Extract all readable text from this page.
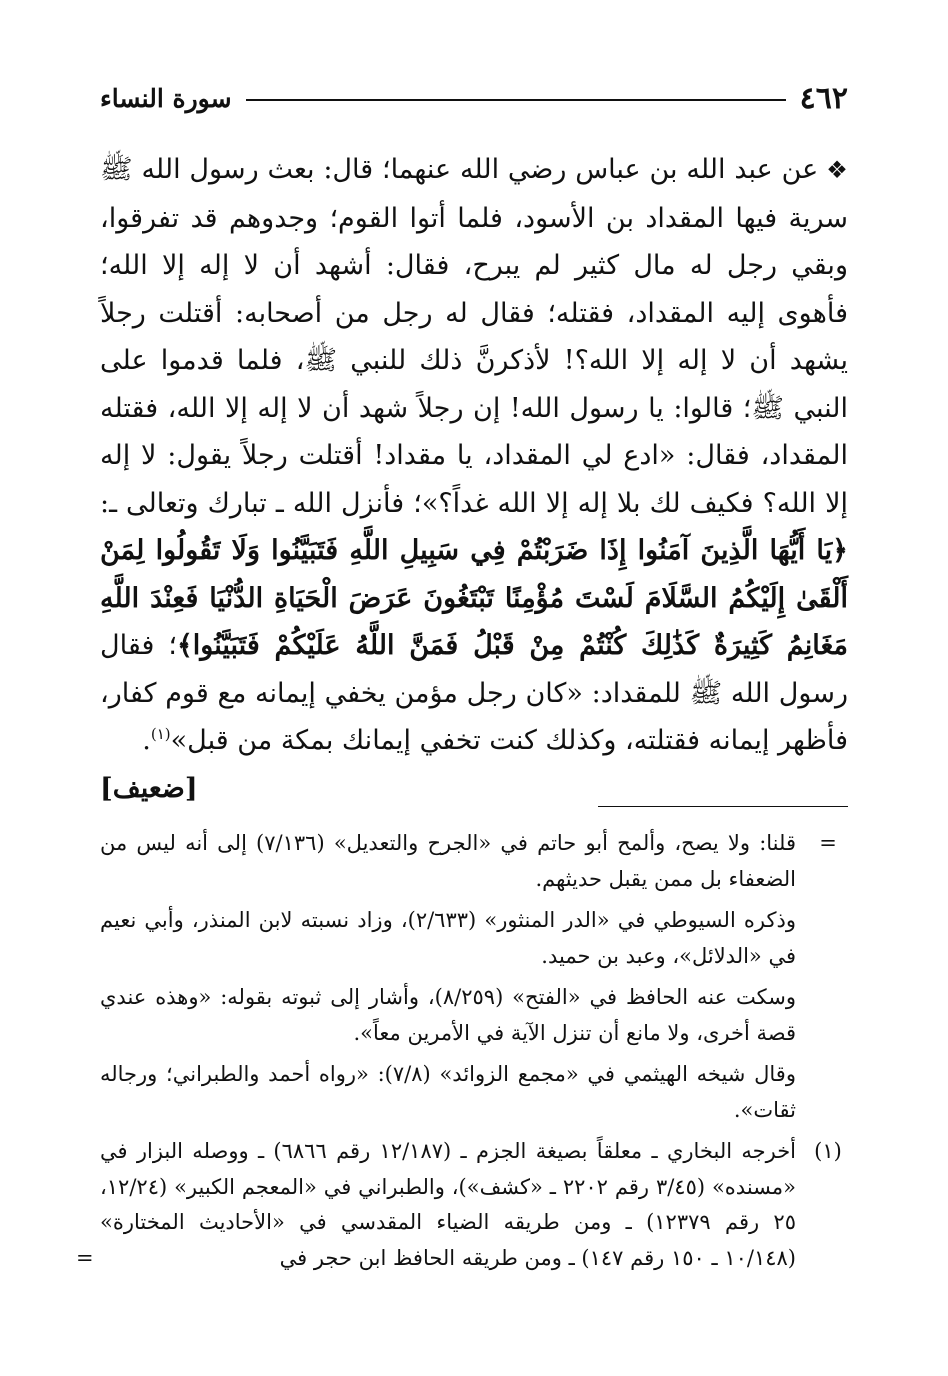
٤٦٢
سورة النساء
❖عن عبد الله بن عباس رضي الله عنهما؛ قال: بعث رسول الله ﷺ سرية فيها المقداد بن الأسود، فلما أتوا القوم؛ وجدوهم قد تفرقوا، وبقي رجل له مال كثير لم يبرح، فقال: أشهد أن لا إله إلا الله؛ فأهوى إليه المقداد، فقتله؛ فقال له رجل من أصحابه: أقتلت رجلاً يشهد أن لا إله إلا الله؟! لأذكرنَّ ذلك للنبي ﷺ، فلما قدموا على النبي ﷺ؛ قالوا: يا رسول الله! إن رجلاً شهد أن لا إله إلا الله، فقتله المقداد، فقال: «ادع لي المقداد، يا مقداد! أقتلت رجلاً يقول: لا إله إلا الله؟ فكيف لك بلا إله إلا الله غداً؟»؛ فأنزل الله ـ تبارك وتعالى ـ: ﴿يَا أَيُّهَا الَّذِينَ آمَنُوا إِذَا ضَرَبْتُمْ فِي سَبِيلِ اللَّهِ فَتَبَيَّنُوا وَلَا تَقُولُوا لِمَنْ أَلْقَىٰ إِلَيْكُمُ السَّلَامَ لَسْتَ مُؤْمِنًا تَبْتَغُونَ عَرَضَ الْحَيَاةِ الدُّنْيَا فَعِنْدَ اللَّهِ مَغَانِمُ كَثِيرَةٌ كَذَٰلِكَ كُنْتُمْ مِنْ قَبْلُ فَمَنَّ اللَّهُ عَلَيْكُمْ فَتَبَيَّنُوا﴾؛ فقال رسول الله ﷺ للمقداد: «كان رجل مؤمن يخفي إيمانه مع قوم كفار، فأظهر إيمانه فقتلته، وكذلك كنت تخفي إيمانك بمكة من قبل»$^{(١)}$.
[ضعيف]
=

قلنا: ولا يصح، وألمح أبو حاتم في «الجرح والتعديل» (٧/١٣٦) إلى أنه ليس من الضعفاء بل ممن يقبل حديثهم.

وذكره السيوطي في «الدر المنثور» (٢/٦٣٣)، وزاد نسبته لابن المنذر، وأبي نعيم في «الدلائل»، وعبد بن حميد.

وسكت عنه الحافظ في «الفتح» (٨/٢٥٩)، وأشار إلى ثبوته بقوله: «وهذه عندي قصة أخرى، ولا مانع أن تنزل الآية في الأمرين معاً».

وقال شيخه الهيثمي في «مجمع الزوائد» (٧/٨): «رواه أحمد والطبراني؛ ورجاله ثقات».

(١)

أخرجه البخاري ـ معلقاً بصيغة الجزم ـ (١٢/١٨٧ رقم ٦٨٦٦) ـ ووصله البزار في «مسنده» (٣/٤٥ رقم ٢٢٠٢ ـ «كشف»)، والطبراني في «المعجم الكبير» (١٢/٢٤، ٢٥ رقم ١٢٣٧٩) ـ ومن طريقه الضياء المقدسي في «الأحاديث المختارة» (١٠/١٤٨ ـ ١٥٠ رقم ١٤٧) ـ ومن طريقه الحافظ ابن حجر في
=
